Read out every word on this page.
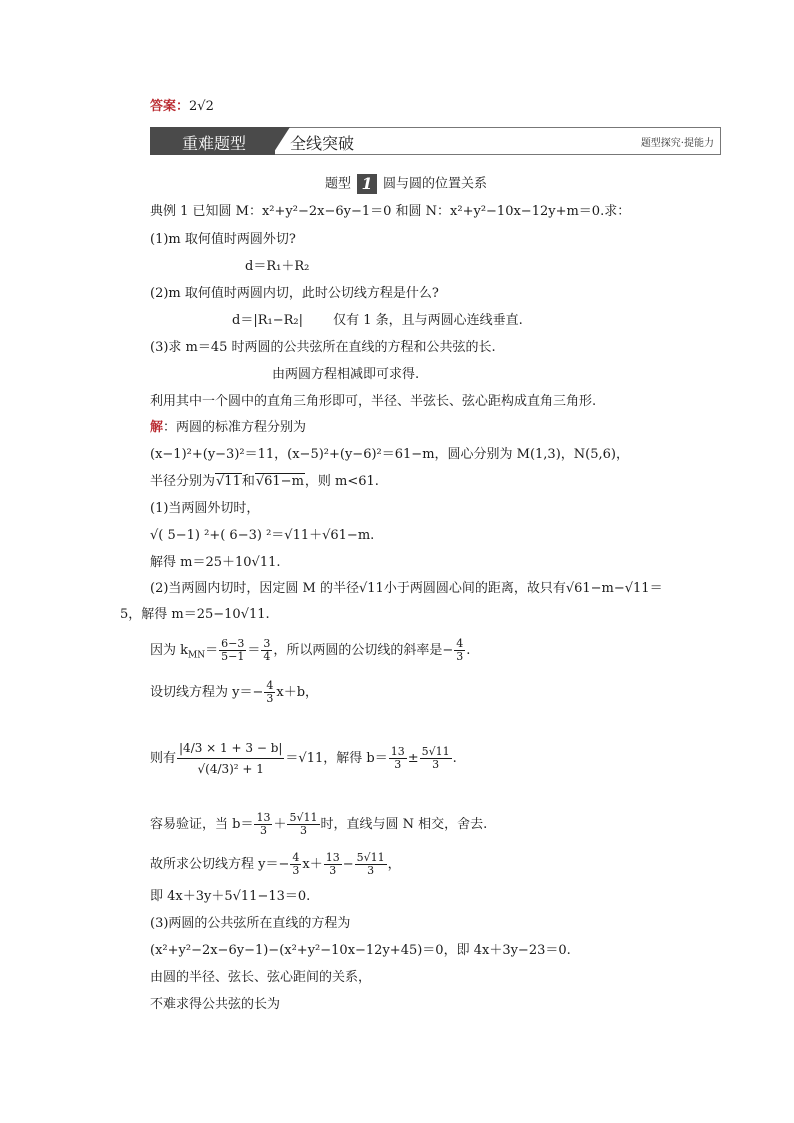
答案：2√2
重难题型	全线突破	题型探究·提能力
题型 1 圆与圆的位置关系
典例 1 已知圆 M：x²+y²−2x−6y−1＝0 和圆 N：x²+y²−10x−12y+m＝0.求：
(1)m 取何值时两圆外切?
d＝R₁＋R₂
(2)m 取何值时两圆内切，此时公切线方程是什么?
d＝|R₁−R₂| 仅有 1 条，且与两圆心连线垂直.
(3)求 m＝45 时两圆的公共弦所在直线的方程和公共弦的长.
由两圆方程相减即可求得.
利用其中一个圆中的直角三角形即可，半径、半弦长、弦心距构成直角三角形.
解：两圆的标准方程分别为
(x−1)²+(y−3)²＝11，(x−5)²+(y−6)²＝61−m，圆心分别为 M(1,3)，N(5,6)，
半径分别为√11和√61−m，则 m<61.
(1)当两圆外切时，
√( 5−1) ²+( 6−3) ²＝√11＋√61−m.
解得 m＝25＋10√11.
(2)当两圆内切时，因定圆 M 的半径√11小于两圆圆心间的距离，故只有√61−m−√11＝
5，解得 m＝25−10√11.
因为 $k_{MN}= \frac{6-3}{5-1} = \frac{3}{4}$ ，所以两圆的公切线的斜率是− $\frac{4}{3}$ .
设切线方程为 $y=- \frac{4}{3} x+b$，
则有 $\frac{|4/3 \times 1 + 3 - b|}{\text{√(4/3)² + 1}} =√11$，解得 $b= \frac{13}{3} \pm \frac{5√11}{3}$ .
容易验证，当 $b= \frac{13}{3} + \frac{5√11}{3}$ 时，直线与圆 N 相交，舍去.
故所求公切线方程 $y=- \frac{4}{3} x+ \frac{13}{3} - \frac{5√11}{3}$ ，
即 4x＋3y＋5√11−13＝0.
(3)两圆的公共弦所在直线的方程为
(x²+y²−2x−6y−1)−(x²+y²−10x−12y+45)＝0，即 4x＋3y−23＝0.
由圆的半径、弦长、弦心距间的关系，
不难求得公共弦的长为
